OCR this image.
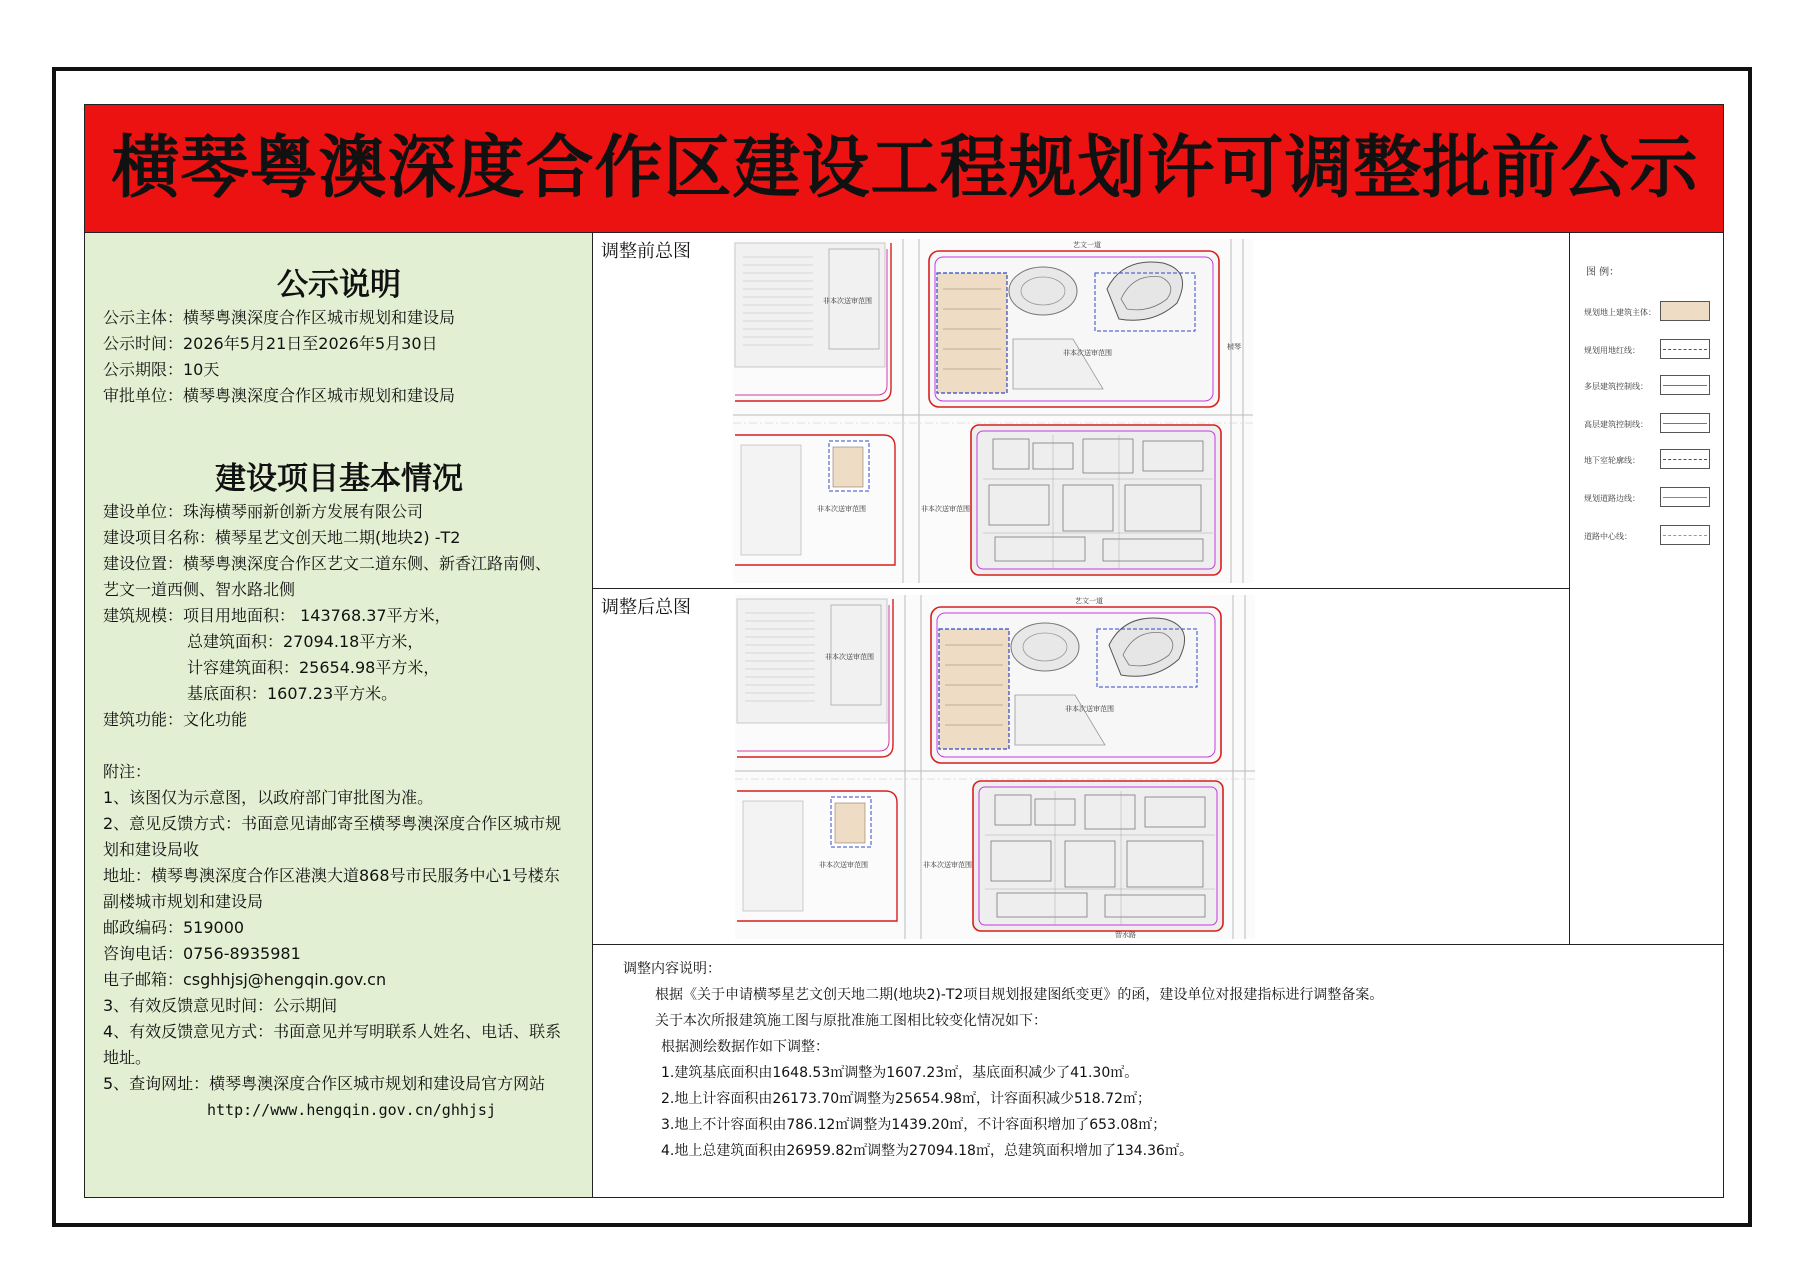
横琴粤澳深度合作区建设工程规划许可调整批前公示
公示说明
公示主体：横琴粤澳深度合作区城市规划和建设局
公示时间：2026年5月21日至2026年5月30日
公示期限：10天
审批单位：横琴粤澳深度合作区城市规划和建设局
建设项目基本情况
建设单位：珠海横琴丽新创新方发展有限公司
建设项目名称：横琴星艺文创天地二期(地块2) -T2
建设位置：横琴粤澳深度合作区艺文二道东侧、新香江路南侧、
艺文一道西侧、智水路北侧
建筑规模：项目用地面积： 143768.37平方米，
总建筑面积：27094.18平方米，
计容建筑面积：25654.98平方米，
基底面积：1607.23平方米。
建筑功能：文化功能
附注：
1、该图仅为示意图，以政府部门审批图为准。
2、意见反馈方式：书面意见请邮寄至横琴粤澳深度合作区城市规
划和建设局收
地址：横琴粤澳深度合作区港澳大道868号市民服务中心1号楼东
副楼城市规划和建设局
邮政编码：519000
咨询电话：0756-8935981
电子邮箱：csghhjsj@hengqin.gov.cn
3、有效反馈意见时间：公示期间
4、有效反馈意见方式：书面意见并写明联系人姓名、电话、联系
地址。
5、查询网址：横琴粤澳深度合作区城市规划和建设局官方网站
http://www.hengqin.gov.cn/ghhjsj
调整前总图
非本次送审范围
非本次送审范围
艺文一道
横琴
非本次送审范围	非本次送审范围
调整后总图
非本次送审范围
非本次送审范围
艺文一道
非本次送审范围	非本次送审范围
智水路
图 例：
规划地上建筑主体：
规划用地红线：
多层建筑控制线：
高层建筑控制线：
地下室轮廓线：
规划道路边线：
道路中心线：
调整内容说明：
根据《关于申请横琴星艺文创天地二期(地块2)-T2项目规划报建图纸变更》的函，建设单位对报建指标进行调整备案。
关于本次所报建筑施工图与原批准施工图相比较变化情况如下：
根据测绘数据作如下调整：
1.建筑基底面积由1648.53㎡调整为1607.23㎡，基底面积减少了41.30㎡。
2.地上计容面积由26173.70㎡调整为25654.98㎡，计容面积减少518.72㎡；
3.地上不计容面积由786.12㎡调整为1439.20㎡，不计容面积增加了653.08㎡；
4.地上总建筑面积由26959.82㎡调整为27094.18㎡，总建筑面积增加了134.36㎡。
